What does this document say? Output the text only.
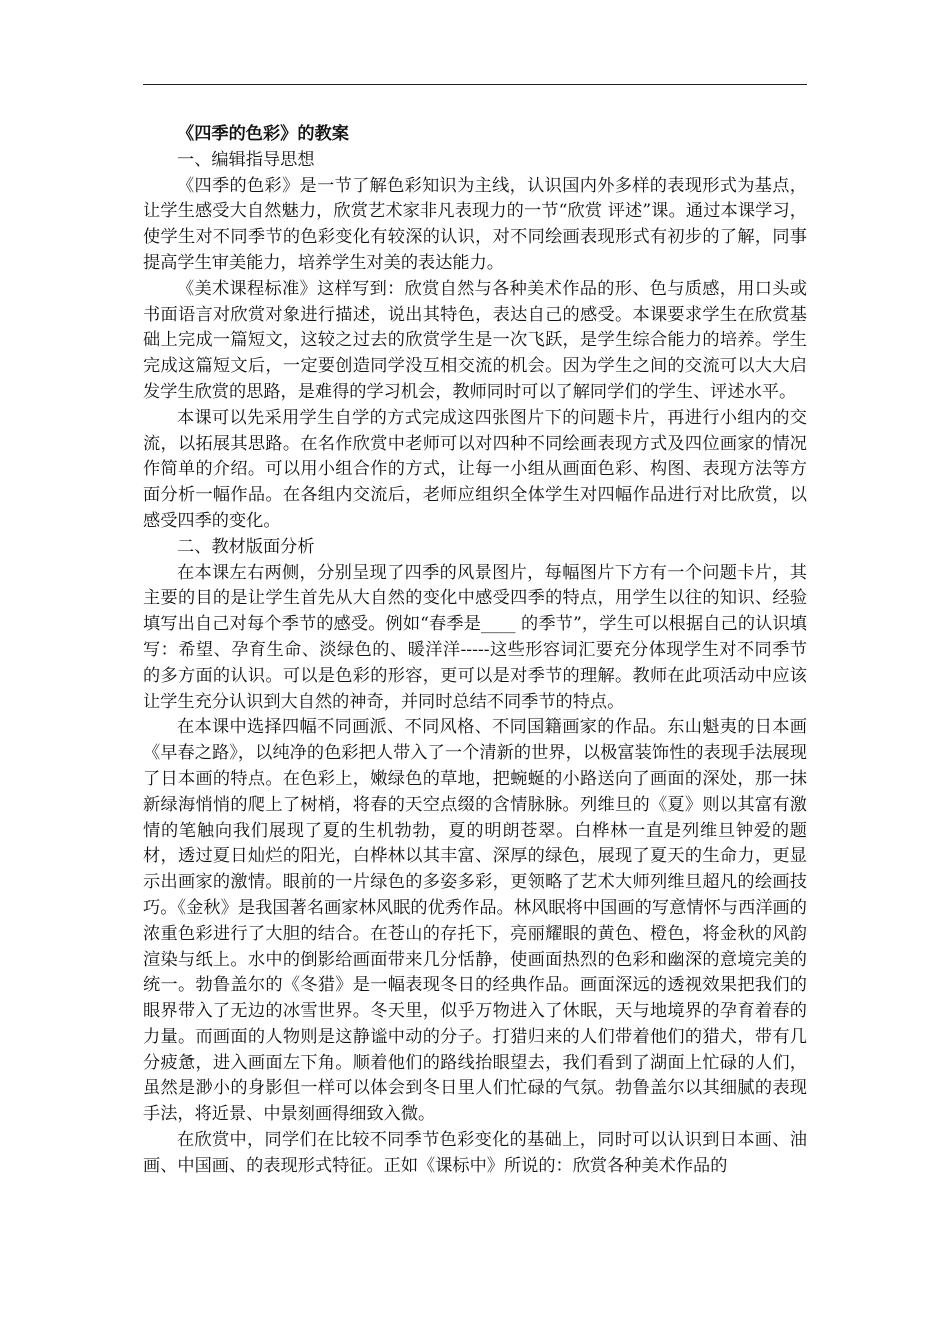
《四季的色彩》的教案

一、编辑指导思想

《四季的色彩》是一节了解色彩知识为主线，认识国内外多样的表现形式为基点，让学生感受大自然魅力，欣赏艺术家非凡表现力的一节“欣赏 评述”课。通过本课学习，使学生对不同季节的色彩变化有较深的认识，对不同绘画表现形式有初步的了解，同事提高学生审美能力，培养学生对美的表达能力。

《美术课程标准》这样写到：欣赏自然与各种美术作品的形、色与质感，用口头或书面语言对欣赏对象进行描述，说出其特色，表达自己的感受。本课要求学生在欣赏基础上完成一篇短文，这较之过去的欣赏学生是一次飞跃，是学生综合能力的培养。学生完成这篇短文后，一定要创造同学没互相交流的机会。因为学生之间的交流可以大大启发学生欣赏的思路，是难得的学习机会，教师同时可以了解同学们的学生、评述水平。

本课可以先采用学生自学的方式完成这四张图片下的问题卡片，再进行小组内的交流，以拓展其思路。在名作欣赏中老师可以对四种不同绘画表现方式及四位画家的情况作简单的介绍。可以用小组合作的方式，让每一小组从画面色彩、构图、表现方法等方面分析一幅作品。在各组内交流后，老师应组织全体学生对四幅作品进行对比欣赏，以感受四季的变化。

二、教材版面分析

在本课左右两侧，分别呈现了四季的风景图片，每幅图片下方有一个问题卡片，其主要的目的是让学生首先从大自然的变化中感受四季的特点，用学生以往的知识、经验填写出自己对每个季节的感受。例如“春季是____ 的季节”，学生可以根据自己的认识填写：希望、孕育生命、淡绿色的、暖洋洋-----这些形容词汇要充分体现学生对不同季节的多方面的认识。可以是色彩的形容，更可以是对季节的理解。教师在此项活动中应该让学生充分认识到大自然的神奇，并同时总结不同季节的特点。

在本课中选择四幅不同画派、不同风格、不同国籍画家的作品。东山魁夷的日本画《早春之路》，以纯净的色彩把人带入了一个清新的世界，以极富装饰性的表现手法展现了日本画的特点。在色彩上，嫩绿色的草地，把蜿蜒的小路送向了画面的深处，那一抹新绿海悄悄的爬上了树梢，将春的天空点缀的含情脉脉。列维旦的《夏》则以其富有激情的笔触向我们展现了夏的生机勃勃，夏的明朗苍翠。白桦林一直是列维旦钟爱的题材，透过夏日灿烂的阳光，白桦林以其丰富、深厚的绿色，展现了夏天的生命力，更显示出画家的激情。眼前的一片绿色的多姿多彩，更领略了艺术大师列维旦超凡的绘画技巧。《金秋》是我国著名画家林风眠的优秀作品。林风眠将中国画的写意情怀与西洋画的浓重色彩进行了大胆的结合。在苍山的存托下，亮丽耀眼的黄色、橙色，将金秋的风韵渲染与纸上。水中的倒影给画面带来几分恬静，使画面热烈的色彩和幽深的意境完美的统一。勃鲁盖尔的《冬猎》是一幅表现冬日的经典作品。画面深远的透视效果把我们的眼界带入了无边的冰雪世界。冬天里，似乎万物进入了休眠，天与地境界的孕育着春的力量。而画面的人物则是这静谧中动的分子。打猎归来的人们带着他们的猎犬，带有几分疲惫，进入画面左下角。顺着他们的路线抬眼望去，我们看到了湖面上忙碌的人们，虽然是渺小的身影但一样可以体会到冬日里人们忙碌的气氛。勃鲁盖尔以其细腻的表现手法，将近景、中景刻画得细致入微。

在欣赏中，同学们在比较不同季节色彩变化的基础上，同时可以认识到日本画、油画、中国画、的表现形式特征。正如《课标中》所说的：欣赏各种美术作品的
